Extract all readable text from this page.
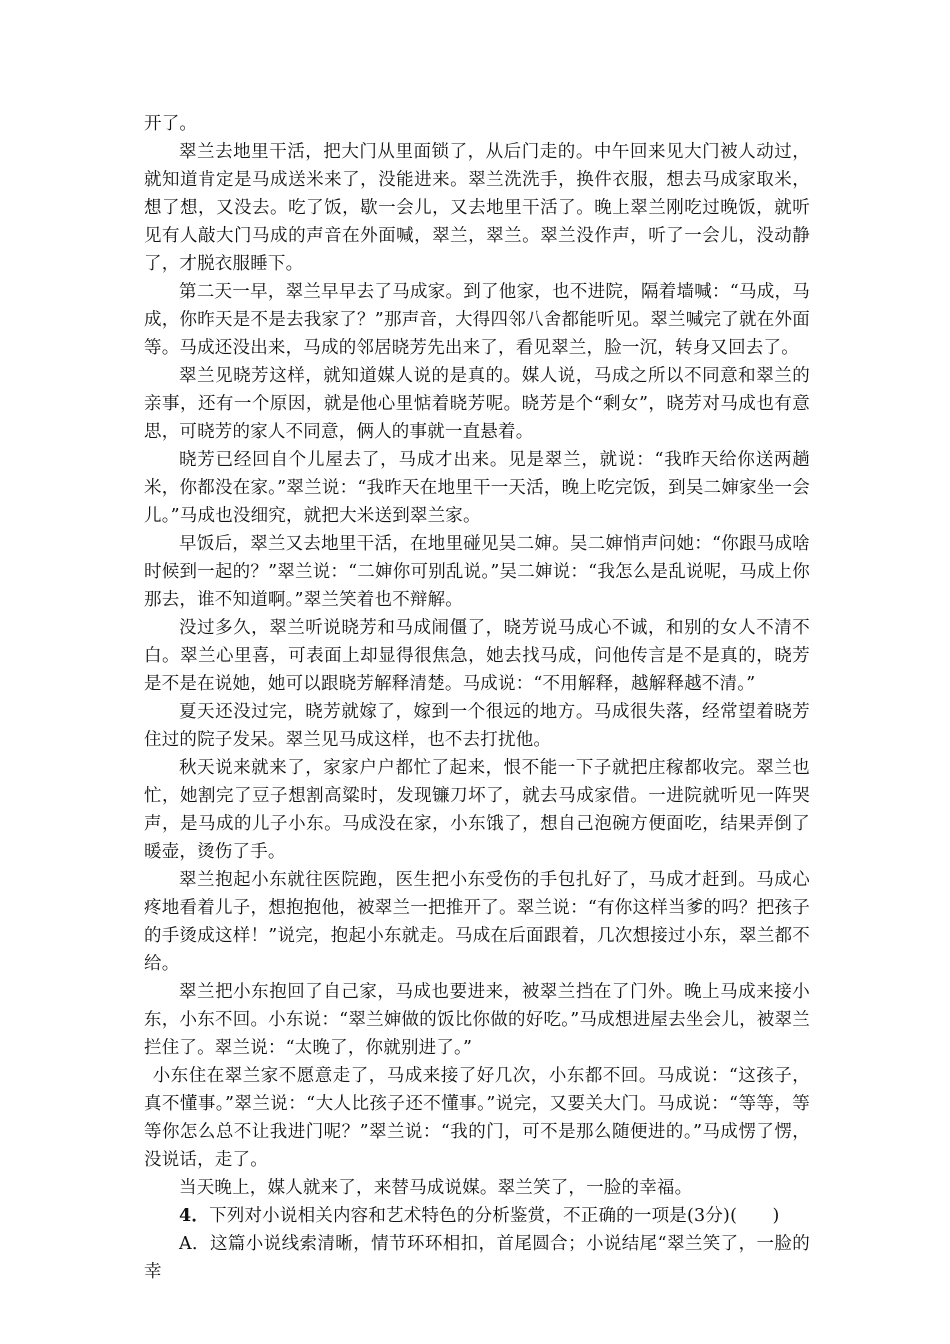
开了。

翠兰去地里干活，把大门从里面锁了，从后门走的。中午回来见大门被人动过，就知道肯定是马成送米来了，没能进来。翠兰洗洗手，换件衣服，想去马成家取米，想了想，又没去。吃了饭，歇一会儿，又去地里干活了。晚上翠兰刚吃过晚饭，就听见有人敲大门马成的声音在外面喊，翠兰，翠兰。翠兰没作声，听了一会儿，没动静了，才脱衣服睡下。

第二天一早，翠兰早早去了马成家。到了他家，也不进院，隔着墙喊：“马成，马成，你昨天是不是去我家了？”那声音，大得四邻八舍都能听见。翠兰喊完了就在外面等。马成还没出来，马成的邻居晓芳先出来了，看见翠兰，脸一沉，转身又回去了。

翠兰见晓芳这样，就知道媒人说的是真的。媒人说，马成之所以不同意和翠兰的亲事，还有一个原因，就是他心里惦着晓芳呢。晓芳是个“剩女”，晓芳对马成也有意思，可晓芳的家人不同意，俩人的事就一直悬着。

晓芳已经回自个儿屋去了，马成才出来。见是翠兰，就说：“我昨天给你送两趟米，你都没在家。”翠兰说：“我昨天在地里干一天活，晚上吃完饭，到吴二婶家坐一会儿。”马成也没细究，就把大米送到翠兰家。

早饭后，翠兰又去地里干活，在地里碰见吴二婶。吴二婶悄声问她：“你跟马成啥时候到一起的？”翠兰说：“二婶你可别乱说。”吴二婶说：“我怎么是乱说呢，马成上你那去，谁不知道啊。”翠兰笑着也不辩解。

没过多久，翠兰听说晓芳和马成闹僵了，晓芳说马成心不诚，和别的女人不清不白。翠兰心里喜，可表面上却显得很焦急，她去找马成，问他传言是不是真的，晓芳是不是在说她，她可以跟晓芳解释清楚。马成说：“不用解释，越解释越不清。”

夏天还没过完，晓芳就嫁了，嫁到一个很远的地方。马成很失落，经常望着晓芳住过的院子发呆。翠兰见马成这样，也不去打扰他。

秋天说来就来了，家家户户都忙了起来，恨不能一下子就把庄稼都收完。翠兰也忙，她割完了豆子想割高粱时，发现镰刀坏了，就去马成家借。一进院就听见一阵哭声，是马成的儿子小东。马成没在家，小东饿了，想自己泡碗方便面吃，结果弄倒了暖壶，烫伤了手。

翠兰抱起小东就往医院跑，医生把小东受伤的手包扎好了，马成才赶到。马成心疼地看着儿子，想抱抱他，被翠兰一把推开了。翠兰说：“有你这样当爹的吗？把孩子的手烫成这样！”说完，抱起小东就走。马成在后面跟着，几次想接过小东，翠兰都不给。

翠兰把小东抱回了自己家，马成也要进来，被翠兰挡在了门外。晚上马成来接小东，小东不回。小东说：“翠兰婶做的饭比你做的好吃。”马成想进屋去坐会儿，被翠兰拦住了。翠兰说：“太晚了，你就别进了。”

小东住在翠兰家不愿意走了，马成来接了好几次，小东都不回。马成说：“这孩子，真不懂事。”翠兰说：“大人比孩子还不懂事。”说完，又要关大门。马成说：“等等，等等你怎么总不让我进门呢？”翠兰说：“我的门，可不是那么随便进的。”马成愣了愣，没说话，走了。

当天晚上，媒人就来了，来替马成说媒。翠兰笑了，一脸的幸福。

4．下列对小说相关内容和艺术特色的分析鉴赏，不正确的一项是(3分)(　　)

A．这篇小说线索清晰，情节环环相扣，首尾圆合；小说结尾“翠兰笑了，一脸的幸
